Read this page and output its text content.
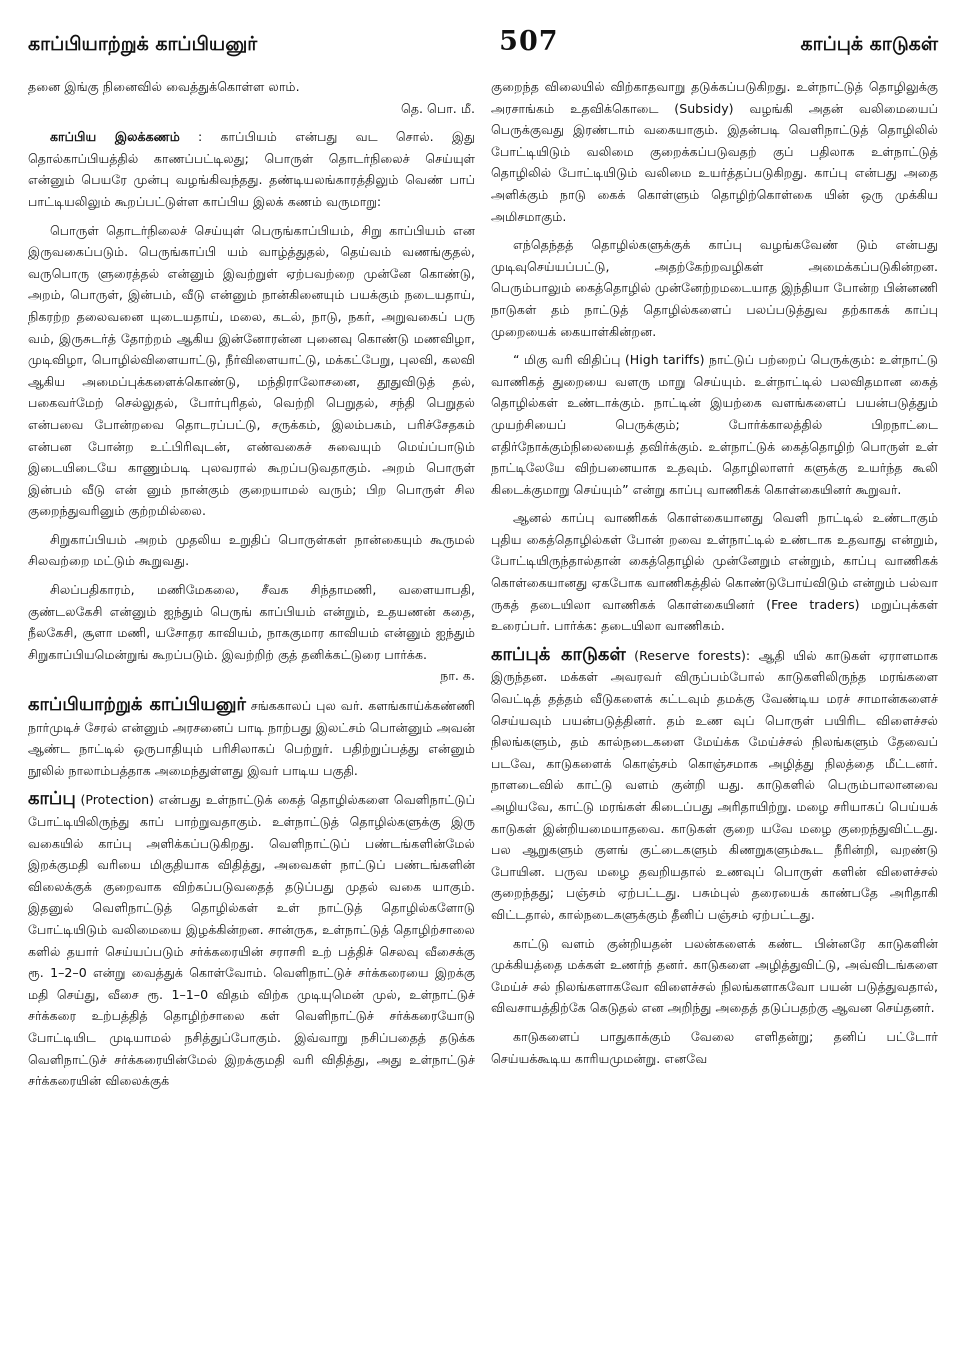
காப்பியாற்றுக் காப்பியனுர்	507	காப்புக் காடுகள்

தனை இங்கு நினைவில் வைத்துக்கொள்ள லாம்.
தெ. பொ. மீ.

காப்பிய இலக்கணம் : காப்பியம் என்பது வட சொல். இது தொல்காப்பியத்தில் காணப்பட்டிலது; பொருள் தொடர்நிலைச் செய்யுள் என்னும் பெயரே முன்பு வழங்கிவந்தது. தண்டியலங்காரத்திலும் வெண் பாப் பாட்டியலிலும் கூறப்பட்டுள்ள காப்பிய இலக் கணம் வருமாறு:

பொருள் தொடர்நிலைச் செய்யுள் பெருங்காப்பியம், சிறு காப்பியம் என இருவகைப்படும். பெருங்காப்பி யம் வாழ்த்துதல், தெய்வம் வணங்குதல், வருபொரு ளுரைத்தல் என்னும் இவற்றுள் ஏற்பவற்றை முன்னே கொண்டு, அறம், பொருள், இன்பம், வீடு என்னும் நான்கினையும் பயக்கும் நடையதாய், நிகரற்ற தலைவனை யுடையதாய், மலை, கடல், நாடு, நகர், அறுவகைப் பரு வம், இருசுடர்த் தோற்றம் ஆகிய இன்னோரன்ன புனைவு கொண்டு மணவிழா, முடிவிழா, பொழில்விளையாட்டு, நீர்விளையாட்டு, மக்கட்பேறு, புலவி, கலவி ஆகிய அமைப்புக்களைக்கொண்டு, மந்திராலோசனை, தூதுவிடுத் தல், பகைவர்மேற் செல்லுதல், போர்புரிதல், வெற்றி பெறுதல், சந்தி பெறுதல் என்பவை போன்றவை தொடரப்பட்டு, சருக்கம், இலம்பகம், பரிச்சேதகம் என்பன போன்ற உட்பிரிவுடன், எண்வகைச் சுவையும் மெய்ப்பாடும் இடையிடையே காணும்படி புலவரால் கூறப்படுவதாகும். அறம் பொருள் இன்பம் வீடு என் னும் நான்கும் குறையாமல் வரும்; பிற பொருள் சில குறைந்துவரினும் குற்றமில்லை.

சிறுகாப்பியம் அறம் முதலிய உறுதிப் பொருள்கள் நான்கையும் கூருமல் சிலவற்றை மட்டும் கூறுவது.

சிலப்பதிகாரம், மணிமேகலை, சீவக சிந்தாமணி, வளையாபதி, குண்டலகேசி என்னும் ஐந்தும் பெருங் காப்பியம் என்றும், உதயணன் கதை, நீலகேசி, சூளா மணி, யசோதர காவியம், நாககுமார காவியம் என்னும் ஐந்தும் சிறுகாப்பியமென்றுங் கூறப்படும். இவற்றிற் குத் தனிக்கட்டுரை பார்க்க.
நா. க.

காப்பியாற்றுக் காப்பியனுர் சங்ககாலப் புல வர். களங்காய்க்கண்ணி நார்முடிச் சேரல் என்னும் அரசனைப் பாடி நாற்பது இலட்சம் பொன்னும் அவன் ஆண்ட நாட்டில் ஒருபாதியும் பரிசிலாகப் பெற்றுர். பதிற்றுப்பத்து என்னும் நூலில் நாலாம்பத்தாக அமைந்துள்ளது இவர் பாடிய பகுதி.

காப்பு (Protection) என்பது உள்நாட்டுக் கைத் தொழில்களை வெளிநாட்டுப் போட்டியிலிருந்து காப் பாற்றுவதாகும். உள்நாட்டுத் தொழில்களுக்கு இரு வகையில் காப்பு அளிக்கப்படுகிறது. வெளிநாட்டுப் பண்டங்களின்மேல் இறக்குமதி வரியை மிகுதியாக விதித்து, அவைகள் நாட்டுப் பண்டங்களின் விலைக்குக் குறைவாக விற்கப்படுவதைத் தடுப்பது முதல் வகை யாகும். இதனுல் வெளிநாட்டுத் தொழில்கள் உள் நாட்டுத் தொழில்களோடு போட்டியிடும் வலிமையை இழக்கின்றன. சான்ருக, உள்நாட்டுத் தொழிற்சாலை களில் தயார் செய்யப்படும் சர்க்கரையின் சராசரி உற் பத்திச் செலவு வீசைக்கு ரூ. 1–2–0 என்று வைத்துக் கொள்வோம். வெளிநாட்டுச் சர்க்கரையை இறக்கு மதி செய்து, வீசை ரூ. 1–1–0 விதம் விற்க முடியுமென் முல், உள்நாட்டுச் சர்க்கரை உற்பத்தித் தொழிற்சாலை கள் வெளிநாட்டுச் சர்க்கரையோடு போட்டியிட முடியாமல் நசித்துப்போகும். இவ்வாறு நசிப்பதைத் தடுக்க வெளிநாட்டுச் சர்க்கரையின்மேல் இறக்குமதி வரி விதித்து, அது உள்நாட்டுச் சர்க்கரையின் விலைக்குக்

குறைந்த விலையில் விற்காதவாறு தடுக்கப்படுகிறது. உள்நாட்டுத் தொழிலுக்கு அரசாங்கம் உதவிக்கொடை (Subsidy) வழங்கி அதன் வலிமையைப் பெருக்குவது இரண்டாம் வகையாகும். இதன்படி வெளிநாட்டுத் தொழிலில் போட்டியிடும் வலிமை குறைக்கப்படுவதற் குப் பதிலாக உள்நாட்டுத் தொழிலில் போட்டியிடும் வலிமை உயர்த்தப்படுகிறது. காப்பு என்பது அதை அளிக்கும் நாடு கைக் கொள்ளும் தொழிற்கொள்கை யின் ஒரு முக்கிய அமிசமாகும்.

எந்தெந்தத் தொழில்களுக்குக் காப்பு வழங்கவேண் டும் என்பது முடிவுசெய்யப்பட்டு, அதற்கேற்றவழிகள் அமைக்கப்படுகின்றன. பெரும்பாலும் கைத்தொழில் முன்னேற்றமடையாத இந்தியா போன்ற பின்னணி நாடுகள் தம் நாட்டுத் தொழில்களைப் பலப்படுத்துவ தற்காகக் காப்பு முறையைக் கையாள்கின்றன.

“ மிகு வரி விதிப்பு (High tariffs) நாட்டுப் பற்றைப் பெருக்கும்: உள்நாட்டு வாணிகத் துறையை வளரு மாறு செய்யும். உள்நாட்டில் பலவிதமான கைத் தொழில்கள் உண்டாக்கும். நாட்டின் இயற்கை வளங்களைப் பயன்படுத்தும் முயற்சியைப் பெருக்கும்; போர்க்காலத்தில் பிறநாட்டை எதிர்நோக்கும்நிலையைத் தவிர்க்கும். உள்நாட்டுக் கைத்தொழிற் பொருள் உள் நாட்டிலேயே விற்பனையாக உதவும். தொழிலாளர் களுக்கு உயர்ந்த கூலி கிடைக்குமாறு செய்யும்” என்று காப்பு வாணிகக் கொள்கையினர் கூறுவர்.

ஆனல் காப்பு வாணிகக் கொள்கையானது வெளி நாட்டில் உண்டாகும் புதிய கைத்தொழில்கள் போன் றவை உள்நாட்டில் உண்டாக உதவாது என்றும், போட்டியிருந்தால்தான் கைத்தொழில் முன்னேறும் என்றும், காப்பு வாணிகக் கொள்கையானது ஏகபோக வாணிகத்தில் கொண்டுபோய்விடும் என்றும் பல்வா ருகத் தடையிலா வாணிகக் கொள்கையினர் (Free traders) மறுப்புக்கள் உரைப்பர். பார்க்க: தடையிலா வாணிகம்.

காப்புக் காடுகள் (Reserve forests): ஆதி யில் காடுகள் ஏராளமாக இருந்தன. மக்கள் அவரவர் விருப்பம்போல் காடுகளிலிருந்த மரங்களை வெட்டித் தத்தம் வீடுகளைக் கட்டவும் தமக்கு வேண்டிய மரச் சாமான்களைச் செய்யவும் பயன்படுத்தினர். தம் உண வுப் பொருள் பயிரிட விளைச்சல் நிலங்களும், தம் கால்நடைகளை மேய்க்க மேய்ச்சல் நிலங்களும் தேவைப் படவே, காடுகளைக் கொஞ்சம் கொஞ்சமாக அழித்து நிலத்தை மீட்டனர். நாளடைவில் காட்டு வளம் குன்றி யது. காடுகளில் பெரும்பாலானவை அழியவே, காட்டு மரங்கள் கிடைப்பது அரிதாயிற்று. மழை சரியாகப் பெய்யக் காடுகள் இன்றியமையாதவை. காடுகள் குறை யவே மழை குறைந்துவிட்டது. பல ஆறுகளும் குளங் குட்டைகளும் கிணறுகளும்கூட நீரின்றி, வறண்டு போயின. பருவ மழை தவறியதால் உணவுப் பொருள் களின் விளைச்சல் குறைந்தது; பஞ்சம் ஏற்பட்டது. பசும்புல் தரையைக் காண்பதே அரிதாகி விட்டதால், கால்நடைகளுக்கும் தீனிப் பஞ்சம் ஏற்பட்டது.

காட்டு வளம் குன்றியதன் பலன்களைக் கண்ட பின்னரே காடுகளின் முக்கியத்தை மக்கள் உணர்ந் தனர். காடுகளை அழித்துவிட்டு, அவ்விடங்களை மேய்ச் சல் நிலங்களாகவோ விளைச்சல் நிலங்களாகவோ பயன் படுத்துவதால், விவசாயத்திற்கே கெடுதல் என அறிந்து அதைத் தடுப்பதற்கு ஆவன செய்தனர்.

காடுகளைப் பாதுகாக்கும் வேலை எளிதன்று; தனிப் பட்டோர் செய்யக்கூடிய காரியமுமன்று. எனவே
